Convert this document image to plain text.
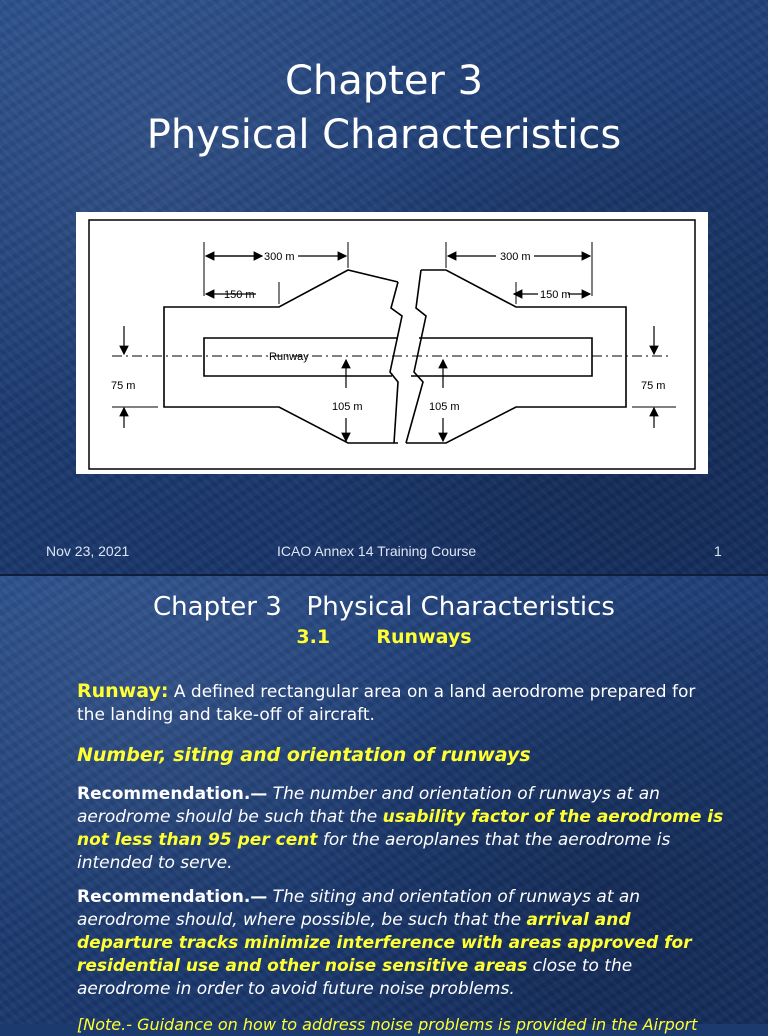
Chapter 3
Physical Characteristics
300 m	300 m
150 m	150 m
Runway
75 m	75 m
105 m	105 m
Nov 23, 2021	ICAO Annex 14 Training Course	1
Chapter 3   Physical Characteristics
3.1       Runways
Runway: A defined rectangular area on a land aerodrome prepared for the landing and take-off of aircraft.
Number, siting and orientation of runways
Recommendation.— The number and orientation of runways at an aerodrome should be such that the usability factor of the aerodrome is not less than 95 per cent for the aeroplanes that the aerodrome is intended to serve.
Recommendation.— The siting and orientation of runways at an aerodrome should, where possible, be such that the arrival and departure tracks minimize interference with areas approved for residential use and other noise sensitive areas close to the aerodrome in order to avoid future noise problems.
[Note.- Guidance on how to address noise problems is provided in the Airport
